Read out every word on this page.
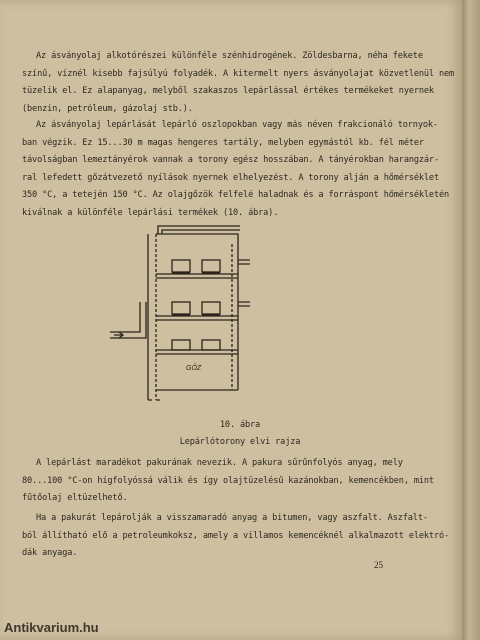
Az ásványolaj alkotórészei különféle szénhidrogének. Zöldesbarna, néha fekete
színű, víznél kisebb fajsúlyú folyadék. A kitermelt nyers ásványolajat közvetlenül nem
tüzelik el. Ez alapanyag, melyből szakaszos lepárlással értékes termékeket nyernek
(benzin, petróleum, gázolaj stb.).
Az ásványolaj lepárlását lepárló oszlopokban vagy más néven frakcionáló tornyok-
ban végzik. Ez 15...30 m magas hengeres tartály, melyben egymástól kb. fél méter
távolságban lemeztányérok vannak a torony egész hosszában. A tányérokban harangzár-
ral lefedett gőzátvezető nyílások nyernek elhelyezést. A torony alján a hőmérséklet
350 °C, a tetején 150 °C. Az olajgőzök felfelé haladnak és a forráspont hőmérsékletén
kiválnak a különféle lepárlási termékek (10. ábra).
A lepárlást maradékot pakurának nevezik. A pakura sűrűnfolyós anyag, mely
80...100 °C-on hígfolyóssá válik és így olajtüzelésű kazánokban, kemencékben, mint
fűtőolaj eltüzelhető.
Ha a pakurát lepárolják a visszamaradó anyag a bitumen, vagy aszfalt. Aszfalt-
ból állítható elő a petroleumkoksz, amely a villamos kemencéknél alkalmazott elektró-
dák anyaga.
GŐZ
10. ábra
Lepárlótorony elvi rajza
25
Antikvarium.hu
